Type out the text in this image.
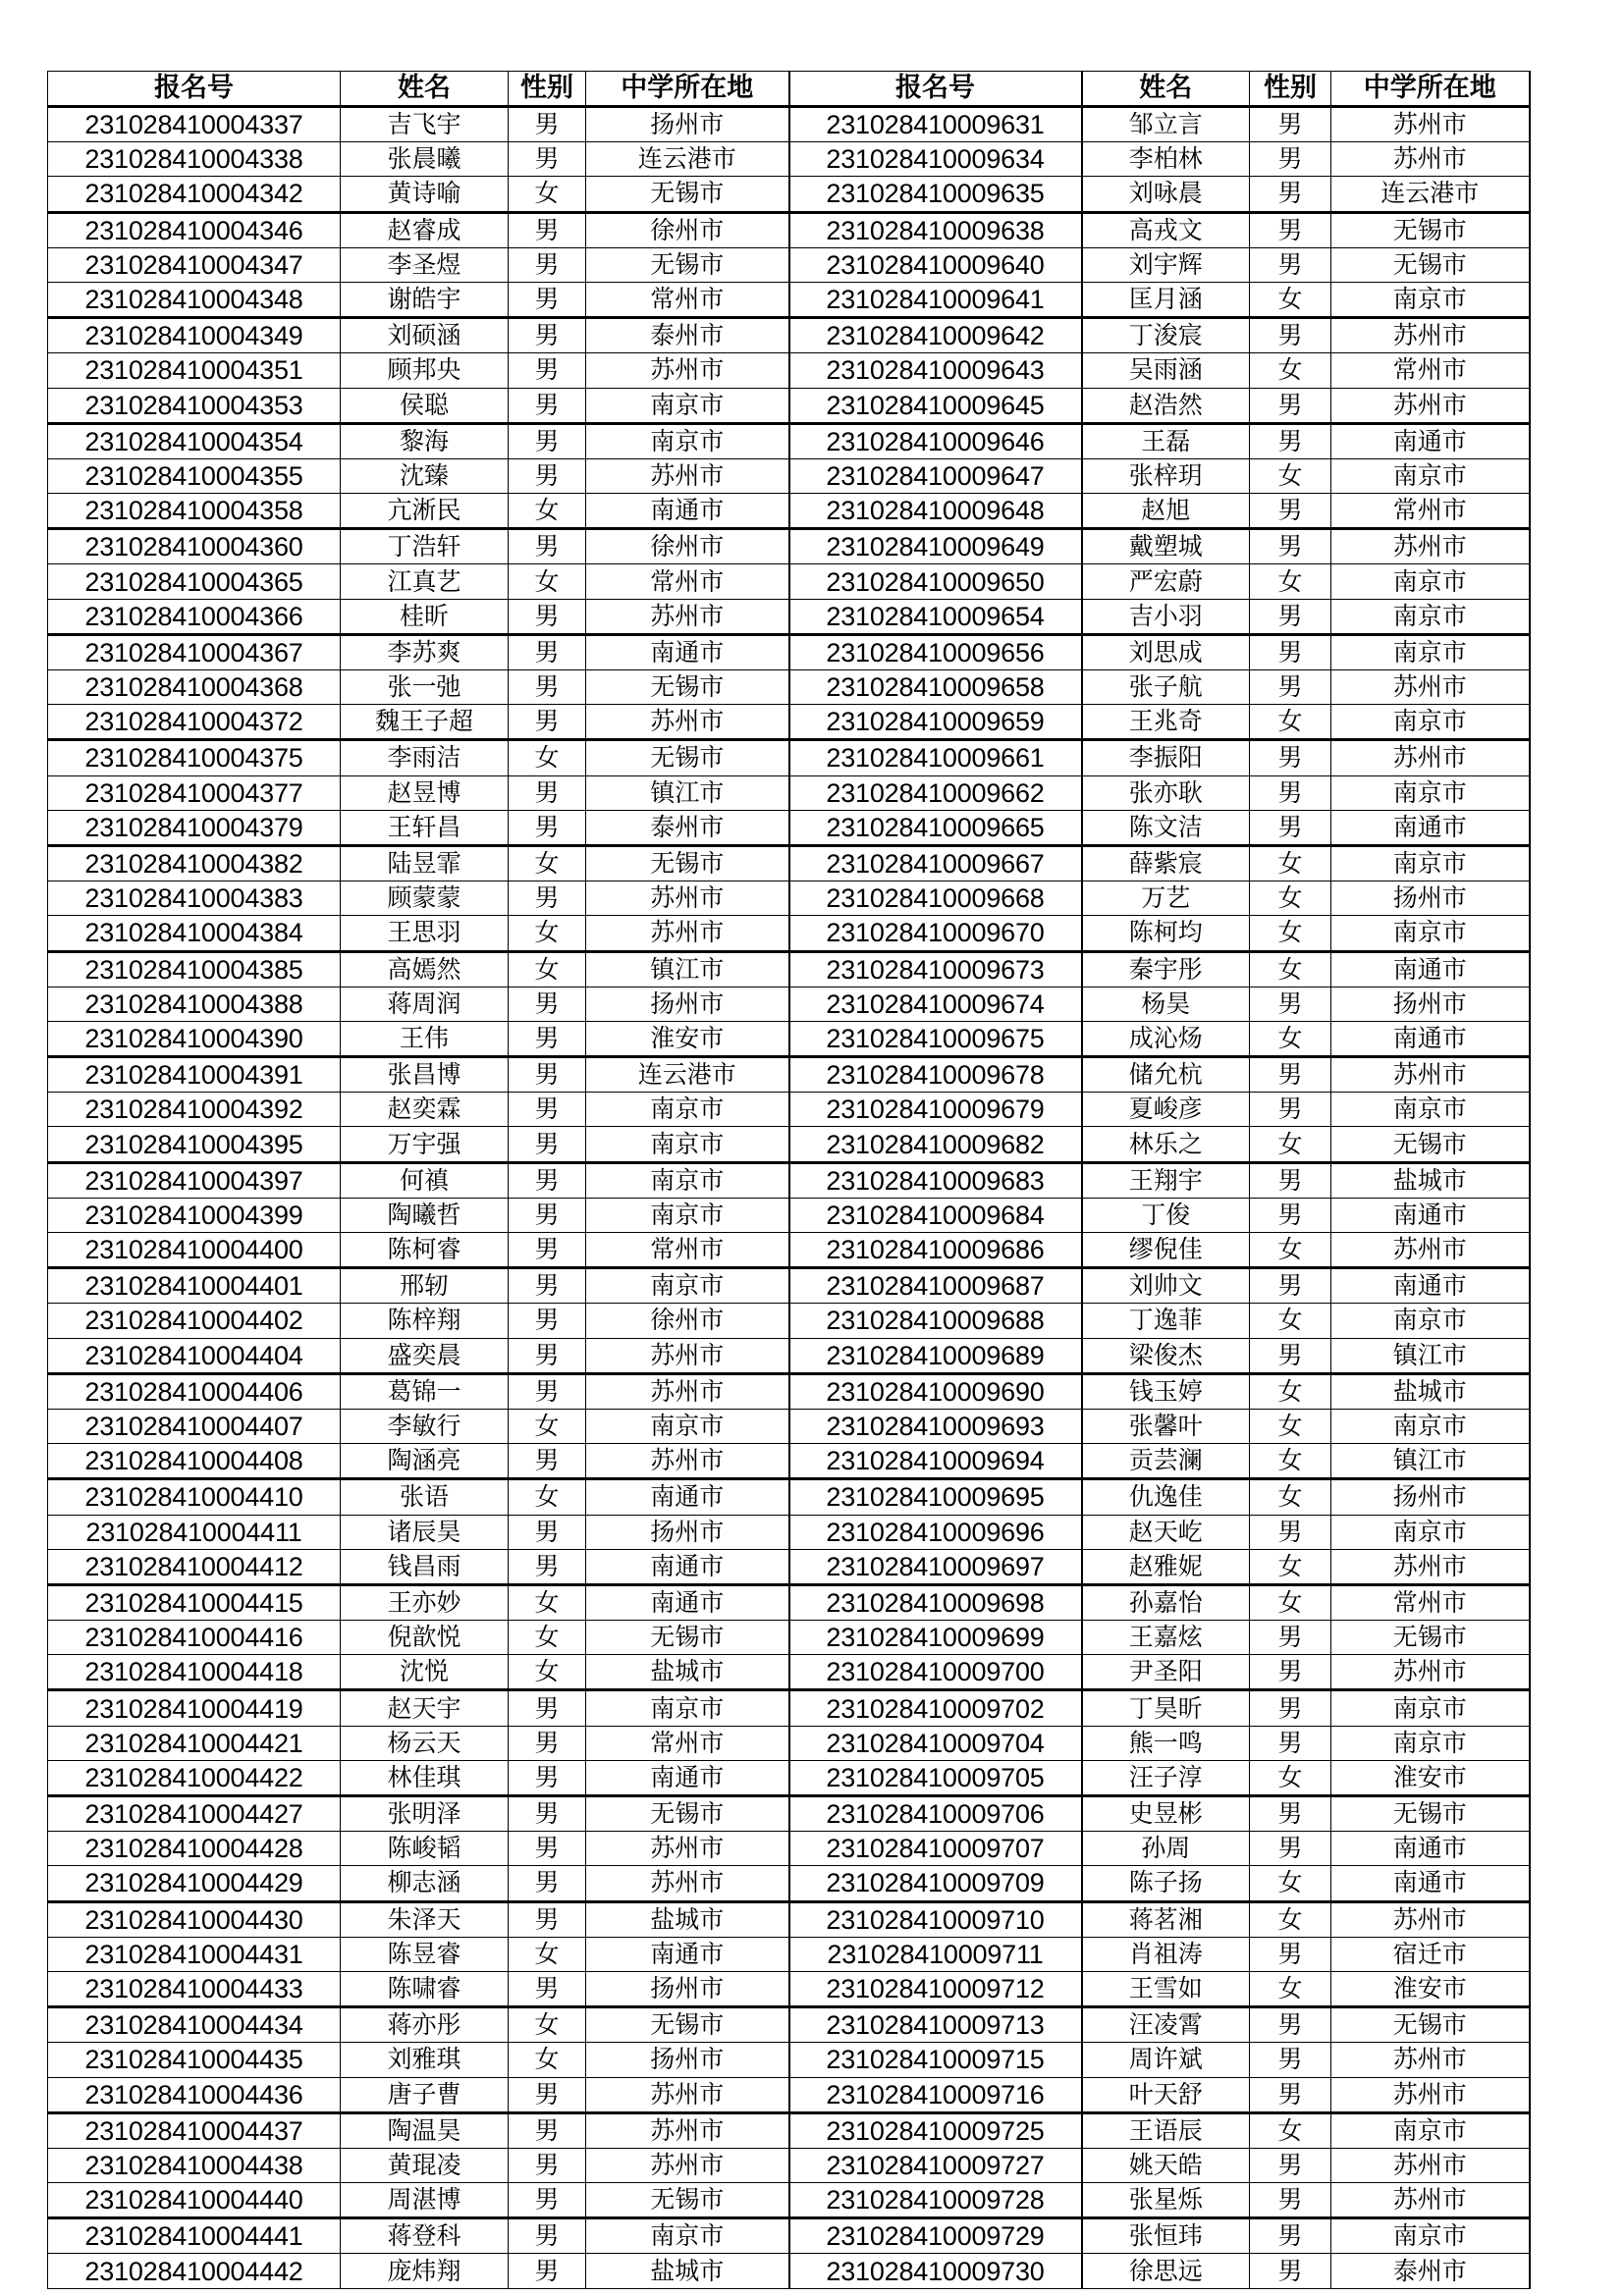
报名号	姓名	性别	中学所在地	报名号	姓名	性别	中学所在地
231028410004337	吉飞宇	男	扬州市	231028410009631	邹立言	男	苏州市
231028410004338	张晨曦	男	连云港市	231028410009634	李柏林	男	苏州市
231028410004342	黄诗喻	女	无锡市	231028410009635	刘咏晨	男	连云港市
231028410004346	赵睿成	男	徐州市	231028410009638	高戎文	男	无锡市
231028410004347	李圣煜	男	无锡市	231028410009640	刘宇辉	男	无锡市
231028410004348	谢皓宇	男	常州市	231028410009641	匡月涵	女	南京市
231028410004349	刘硕涵	男	泰州市	231028410009642	丁浚宸	男	苏州市
231028410004351	顾邦央	男	苏州市	231028410009643	吴雨涵	女	常州市
231028410004353	侯聪	男	南京市	231028410009645	赵浩然	男	苏州市
231028410004354	黎海	男	南京市	231028410009646	王磊	男	南通市
231028410004355	沈臻	男	苏州市	231028410009647	张梓玥	女	南京市
231028410004358	亢淅民	女	南通市	231028410009648	赵旭	男	常州市
231028410004360	丁浩轩	男	徐州市	231028410009649	戴塑城	男	苏州市
231028410004365	江真艺	女	常州市	231028410009650	严宏蔚	女	南京市
231028410004366	桂昕	男	苏州市	231028410009654	吉小羽	男	南京市
231028410004367	李苏爽	男	南通市	231028410009656	刘思成	男	南京市
231028410004368	张一弛	男	无锡市	231028410009658	张子航	男	苏州市
231028410004372	魏王子超	男	苏州市	231028410009659	王兆奇	女	南京市
231028410004375	李雨洁	女	无锡市	231028410009661	李振阳	男	苏州市
231028410004377	赵昱博	男	镇江市	231028410009662	张亦耿	男	南京市
231028410004379	王轩昌	男	泰州市	231028410009665	陈文洁	男	南通市
231028410004382	陆昱霏	女	无锡市	231028410009667	薛紫宸	女	南京市
231028410004383	顾蒙蒙	男	苏州市	231028410009668	万艺	女	扬州市
231028410004384	王思羽	女	苏州市	231028410009670	陈柯均	女	南京市
231028410004385	高嫣然	女	镇江市	231028410009673	秦宇彤	女	南通市
231028410004388	蒋周润	男	扬州市	231028410009674	杨昊	男	扬州市
231028410004390	王伟	男	淮安市	231028410009675	成沁炀	女	南通市
231028410004391	张昌博	男	连云港市	231028410009678	储允杭	男	苏州市
231028410004392	赵奕霖	男	南京市	231028410009679	夏峻彦	男	南京市
231028410004395	万宇强	男	南京市	231028410009682	林乐之	女	无锡市
231028410004397	何禛	男	南京市	231028410009683	王翔宇	男	盐城市
231028410004399	陶曦哲	男	南京市	231028410009684	丁俊	男	南通市
231028410004400	陈柯睿	男	常州市	231028410009686	缪倪佳	女	苏州市
231028410004401	邢轫	男	南京市	231028410009687	刘帅文	男	南通市
231028410004402	陈梓翔	男	徐州市	231028410009688	丁逸菲	女	南京市
231028410004404	盛奕晨	男	苏州市	231028410009689	梁俊杰	男	镇江市
231028410004406	葛锦一	男	苏州市	231028410009690	钱玉婷	女	盐城市
231028410004407	李敏行	女	南京市	231028410009693	张馨叶	女	南京市
231028410004408	陶涵亮	男	苏州市	231028410009694	贡芸澜	女	镇江市
231028410004410	张语	女	南通市	231028410009695	仇逸佳	女	扬州市
231028410004411	诸辰昊	男	扬州市	231028410009696	赵天屹	男	南京市
231028410004412	钱昌雨	男	南通市	231028410009697	赵雅妮	女	苏州市
231028410004415	王亦妙	女	南通市	231028410009698	孙嘉怡	女	常州市
231028410004416	倪歆悦	女	无锡市	231028410009699	王嘉炫	男	无锡市
231028410004418	沈悦	女	盐城市	231028410009700	尹圣阳	男	苏州市
231028410004419	赵天宇	男	南京市	231028410009702	丁昊昕	男	南京市
231028410004421	杨云天	男	常州市	231028410009704	熊一鸣	男	南京市
231028410004422	林佳琪	男	南通市	231028410009705	汪子淳	女	淮安市
231028410004427	张明泽	男	无锡市	231028410009706	史昱彬	男	无锡市
231028410004428	陈峻韬	男	苏州市	231028410009707	孙周	男	南通市
231028410004429	柳志涵	男	苏州市	231028410009709	陈子扬	女	南通市
231028410004430	朱泽天	男	盐城市	231028410009710	蒋茗湘	女	苏州市
231028410004431	陈昱睿	女	南通市	231028410009711	肖祖涛	男	宿迁市
231028410004433	陈啸睿	男	扬州市	231028410009712	王雪如	女	淮安市
231028410004434	蒋亦彤	女	无锡市	231028410009713	汪凌霄	男	无锡市
231028410004435	刘雅琪	女	扬州市	231028410009715	周许斌	男	苏州市
231028410004436	唐子曹	男	苏州市	231028410009716	叶天舒	男	苏州市
231028410004437	陶温昊	男	苏州市	231028410009725	王语辰	女	南京市
231028410004438	黄琨凌	男	苏州市	231028410009727	姚天皓	男	苏州市
231028410004440	周湛博	男	无锡市	231028410009728	张星烁	男	苏州市
231028410004441	蒋登科	男	南京市	231028410009729	张恒玮	男	南京市
231028410004442	庞炜翔	男	盐城市	231028410009730	徐思远	男	泰州市
